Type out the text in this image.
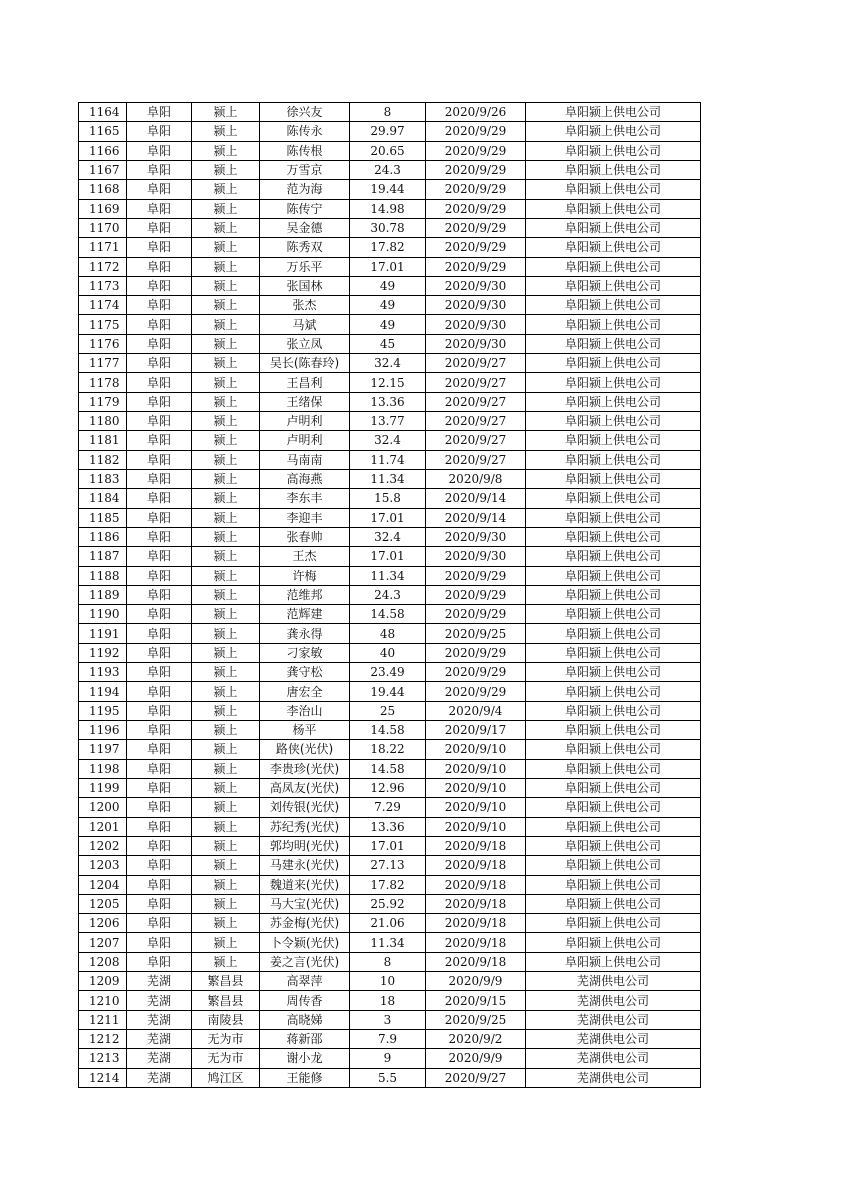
1164	阜阳	颍上	徐兴友	8	2020/9/26	阜阳颍上供电公司
1165	阜阳	颍上	陈传永	29.97	2020/9/29	阜阳颍上供电公司
1166	阜阳	颍上	陈传根	20.65	2020/9/29	阜阳颍上供电公司
1167	阜阳	颍上	万雪京	24.3	2020/9/29	阜阳颍上供电公司
1168	阜阳	颍上	范为海	19.44	2020/9/29	阜阳颍上供电公司
1169	阜阳	颍上	陈传宁	14.98	2020/9/29	阜阳颍上供电公司
1170	阜阳	颍上	吴金德	30.78	2020/9/29	阜阳颍上供电公司
1171	阜阳	颍上	陈秀双	17.82	2020/9/29	阜阳颍上供电公司
1172	阜阳	颍上	万乐平	17.01	2020/9/29	阜阳颍上供电公司
1173	阜阳	颍上	张国林	49	2020/9/30	阜阳颍上供电公司
1174	阜阳	颍上	张杰	49	2020/9/30	阜阳颍上供电公司
1175	阜阳	颍上	马斌	49	2020/9/30	阜阳颍上供电公司
1176	阜阳	颍上	张立凤	45	2020/9/30	阜阳颍上供电公司
1177	阜阳	颍上	吴长(陈春玲)	32.4	2020/9/27	阜阳颍上供电公司
1178	阜阳	颍上	王昌利	12.15	2020/9/27	阜阳颍上供电公司
1179	阜阳	颍上	王绪保	13.36	2020/9/27	阜阳颍上供电公司
1180	阜阳	颍上	卢明利	13.77	2020/9/27	阜阳颍上供电公司
1181	阜阳	颍上	卢明利	32.4	2020/9/27	阜阳颍上供电公司
1182	阜阳	颍上	马南南	11.74	2020/9/27	阜阳颍上供电公司
1183	阜阳	颍上	高海燕	11.34	2020/9/8	阜阳颍上供电公司
1184	阜阳	颍上	李东丰	15.8	2020/9/14	阜阳颍上供电公司
1185	阜阳	颍上	李迎丰	17.01	2020/9/14	阜阳颍上供电公司
1186	阜阳	颍上	张春帅	32.4	2020/9/30	阜阳颍上供电公司
1187	阜阳	颍上	王杰	17.01	2020/9/30	阜阳颍上供电公司
1188	阜阳	颍上	许梅	11.34	2020/9/29	阜阳颍上供电公司
1189	阜阳	颍上	范维邦	24.3	2020/9/29	阜阳颍上供电公司
1190	阜阳	颍上	范辉建	14.58	2020/9/29	阜阳颍上供电公司
1191	阜阳	颍上	龚永得	48	2020/9/25	阜阳颍上供电公司
1192	阜阳	颍上	刁家敏	40	2020/9/29	阜阳颍上供电公司
1193	阜阳	颍上	龚守松	23.49	2020/9/29	阜阳颍上供电公司
1194	阜阳	颍上	唐宏全	19.44	2020/9/29	阜阳颍上供电公司
1195	阜阳	颍上	李治山	25	2020/9/4	阜阳颍上供电公司
1196	阜阳	颍上	杨平	14.58	2020/9/17	阜阳颍上供电公司
1197	阜阳	颍上	路侠(光伏)	18.22	2020/9/10	阜阳颍上供电公司
1198	阜阳	颍上	李贵珍(光伏)	14.58	2020/9/10	阜阳颍上供电公司
1199	阜阳	颍上	高凤友(光伏)	12.96	2020/9/10	阜阳颍上供电公司
1200	阜阳	颍上	刘传银(光伏)	7.29	2020/9/10	阜阳颍上供电公司
1201	阜阳	颍上	苏纪秀(光伏)	13.36	2020/9/10	阜阳颍上供电公司
1202	阜阳	颍上	郭均明(光伏)	17.01	2020/9/18	阜阳颍上供电公司
1203	阜阳	颍上	马建永(光伏)	27.13	2020/9/18	阜阳颍上供电公司
1204	阜阳	颍上	魏道来(光伏)	17.82	2020/9/18	阜阳颍上供电公司
1205	阜阳	颍上	马大宝(光伏)	25.92	2020/9/18	阜阳颍上供电公司
1206	阜阳	颍上	苏金梅(光伏)	21.06	2020/9/18	阜阳颍上供电公司
1207	阜阳	颍上	卜令颖(光伏)	11.34	2020/9/18	阜阳颍上供电公司
1208	阜阳	颍上	姜之言(光伏)	8	2020/9/18	阜阳颍上供电公司
1209	芜湖	繁昌县	高翠萍	10	2020/9/9	芜湖供电公司
1210	芜湖	繁昌县	周传香	18	2020/9/15	芜湖供电公司
1211	芜湖	南陵县	高晓娣	3	2020/9/25	芜湖供电公司
1212	芜湖	无为市	蒋新邵	7.9	2020/9/2	芜湖供电公司
1213	芜湖	无为市	谢小龙	9	2020/9/9	芜湖供电公司
1214	芜湖	鸠江区	王能修	5.5	2020/9/27	芜湖供电公司
